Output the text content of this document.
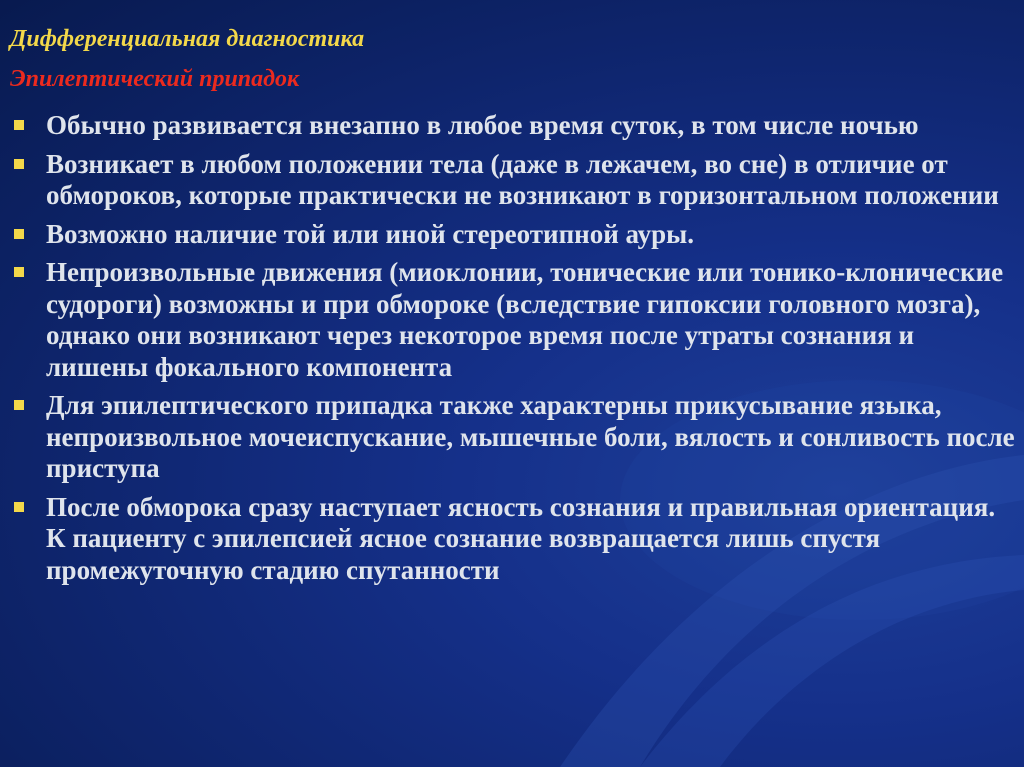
Дифференциальная диагностика
Эпилептический припадок
Обычно развивается внезапно в любое время суток, в том числе ночью
Возникает в любом положении тела (даже в лежачем, во сне) в отличие от обмороков, которые практически не возникают в горизонтальном положении
Возможно наличие той или иной стереотипной ауры.
Непроизвольные движения (миоклонии, тонические или тонико-клонические судороги) возможны и при обмороке (вследствие гипоксии головного мозга), однако они возникают через некоторое время после утраты сознания и лишены фокального компонента
Для эпилептического припадка также характерны прикусывание языка, непроизвольное мочеиспускание, мышечные боли, вялость и сонливость после приступа
После обморока сразу наступает ясность сознания и правильная ориентация. К пациенту с эпилепсией ясное сознание возвращается лишь спустя промежуточную стадию спутанности
